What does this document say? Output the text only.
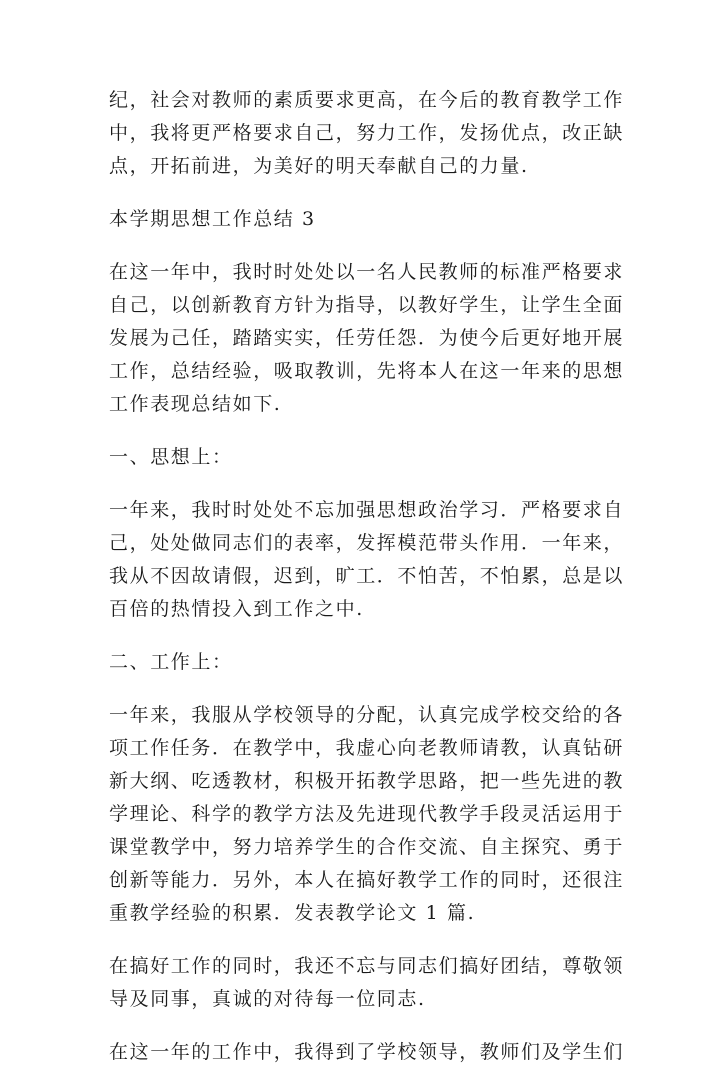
纪，社会对教师的素质要求更高，在今后的教育教学工作
中，我将更严格要求自己，努力工作，发扬优点，改正缺
点，开拓前进，为美好的明天奉献自己的力量.
本学期思想工作总结 3
在这一年中，我时时处处以一名人民教师的标准严格要求
自己，以创新教育方针为指导，以教好学生，让学生全面
发展为己任，踏踏实实，任劳任怨．为使今后更好地开展
工作，总结经验，吸取教训，先将本人在这一年来的思想
工作表现总结如下.
一、思想上：
一年来，我时时处处不忘加强思想政治学习．严格要求自
己，处处做同志们的表率，发挥模范带头作用．一年来，
我从不因故请假，迟到，旷工．不怕苦，不怕累，总是以
百倍的热情投入到工作之中.
二、工作上：
一年来，我服从学校领导的分配，认真完成学校交给的各
项工作任务．在教学中，我虚心向老教师请教，认真钻研
新大纲、吃透教材，积极开拓教学思路，把一些先进的教
学理论、科学的教学方法及先进现代教学手段灵活运用于
课堂教学中，努力培养学生的合作交流、自主探究、勇于
创新等能力．另外，本人在搞好教学工作的同时，还很注
重教学经验的积累．发表教学论文 1 篇.
在搞好工作的同时，我还不忘与同志们搞好团结，尊敬领
导及同事，真诚的对待每一位同志.
在这一年的工作中，我得到了学校领导，教师们及学生们
